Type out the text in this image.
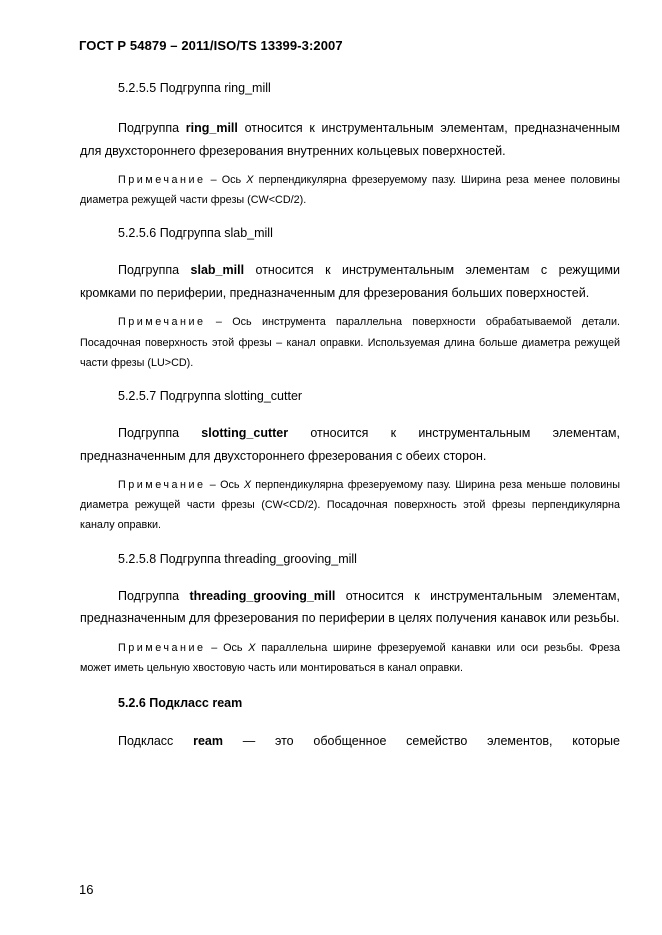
ГОСТ Р 54879 – 2011/ISO/TS 13399-3:2007

5.2.5.5 Подгруппа ring_mill

Подгруппа ring_mill относится к инструментальным элементам, предназначенным для двухстороннего фрезерования внутренних кольцевых поверхностей.

Примечание – Ось X перпендикулярна фрезеруемому пазу. Ширина реза менее половины диаметра режущей части фрезы (CW<CD/2).

5.2.5.6 Подгруппа slab_mill

Подгруппа slab_mill относится к инструментальным элементам с режущими кромками по периферии, предназначенным для фрезерования больших поверхностей.

Примечание – Ось инструмента параллельна поверхности обрабатываемой детали. Посадочная поверхность этой фрезы – канал оправки. Используемая длина больше диаметра режущей части фрезы (LU>CD).

5.2.5.7 Подгруппа slotting_cutter

Подгруппа slotting_cutter относится к инструментальным элементам, предназначенным для двухстороннего фрезерования с обеих сторон.

Примечание – Ось X перпендикулярна фрезеруемому пазу. Ширина реза меньше половины диаметра режущей части фрезы (CW<CD/2). Посадочная поверхность этой фрезы перпендикулярна каналу оправки.

5.2.5.8 Подгруппа threading_grooving_mill

Подгруппа threading_grooving_mill относится к инструментальным элементам, предназначенным для фрезерования по периферии в целях получения канавок или резьбы.

Примечание – Ось X параллельна ширине фрезеруемой канавки или оси резьбы. Фреза может иметь цельную хвостовую часть или монтироваться в канал оправки.

5.2.6 Подкласс ream

Подкласс ream — это обобщенное семейство элементов, которые

16
